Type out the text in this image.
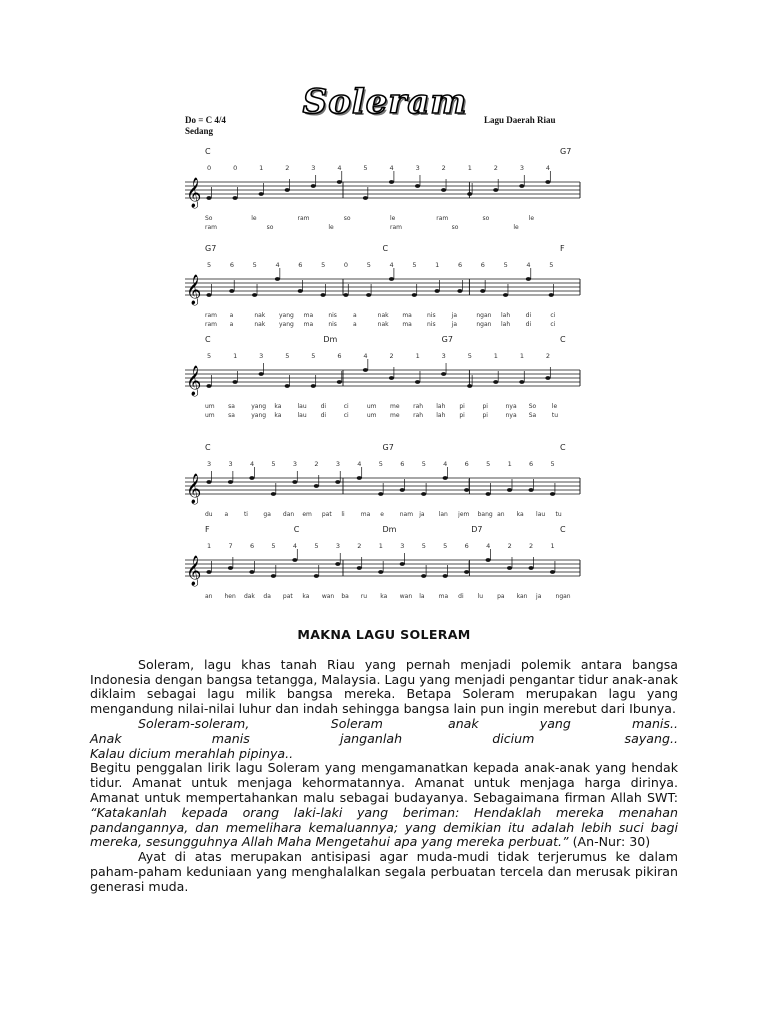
Soleram
Do = C 4/4
Sedang
Lagu Daerah Riau
𝄞
C	G7
0	0	1	2	3	4	5	4	3	2	1	2	3	4
So	le	ram	so	le	ram	so	le
ram	so	le	ram	so	le
𝄞
G7	C	F
5	6	5	4	6	5	0	5	4	5	1	6	6	5	4	5
ram a	nak yang ma	nis	a	nak ma	nis	ja	ngan lah	di	ci
ram a	nak yang ma	nis	a	nak ma	nis	ja	ngan lah	di	ci
𝄞
C	Dm	G7	C
5	1	3	5	5	6	4	2	1	3	5	1	1	2
um sa	yang ka	lau di	ci	um me rah lah pi	pi	nya So	le
um sa	yang ka	lau di	ci	um me rah lah pi	pi	nya Sa	tu
𝄞
C	G7	C
3	3	4	5	3	2	3	4	5	6	5	4	6	5	1	6	5
du a	ti	ga dan em pat li	ma e	nam ja lan jem bang an ka lau tu
𝄞
F	C	Dm	D7	C
1	7	6	5	4	5	3	2	1	3	5	5	6	4	2	2	1
an hen dak da pat ka wan ba ru ka wan la ma di lu pa kan ja ngan
MAKNA LAGU SOLERAM

Soleram, lagu khas tanah Riau yang pernah menjadi polemik antara bangsa Indonesia dengan bangsa tetangga, Malaysia. Lagu yang menjadi pengantar tidur anak-anak diklaim sebagai lagu milik bangsa mereka. Betapa Soleram merupakan lagu yang mengandung nilai-nilai luhur dan indah sehingga bangsa lain pun ingin merebut dari Ibunya.

Soleram-soleram,                    Soleram                anak               yang               manis..

Anak                 manis                 janganlah                 dicium                 sayang..

Kalau dicium merahlah pipinya..

Begitu penggalan lirik lagu Soleram yang mengamanatkan kepada anak-anak yang hendak tidur. Amanat untuk menjaga kehormatannya. Amanat untuk menjaga harga dirinya. Amanat untuk mempertahankan malu sebagai budayanya. Sebagaimana firman Allah SWT: “Katakanlah kepada orang laki-laki yang beriman: Hendaklah mereka menahan pandangannya, dan memelihara kemaluannya; yang demikian itu adalah lebih suci bagi mereka, sesungguhnya Allah Maha Mengetahui apa yang mereka perbuat.” (An-Nur: 30)

Ayat di atas merupakan antisipasi agar muda-mudi tidak terjerumus ke dalam paham-paham keduniaan yang menghalalkan segala perbuatan tercela dan merusak pikiran generasi muda.
